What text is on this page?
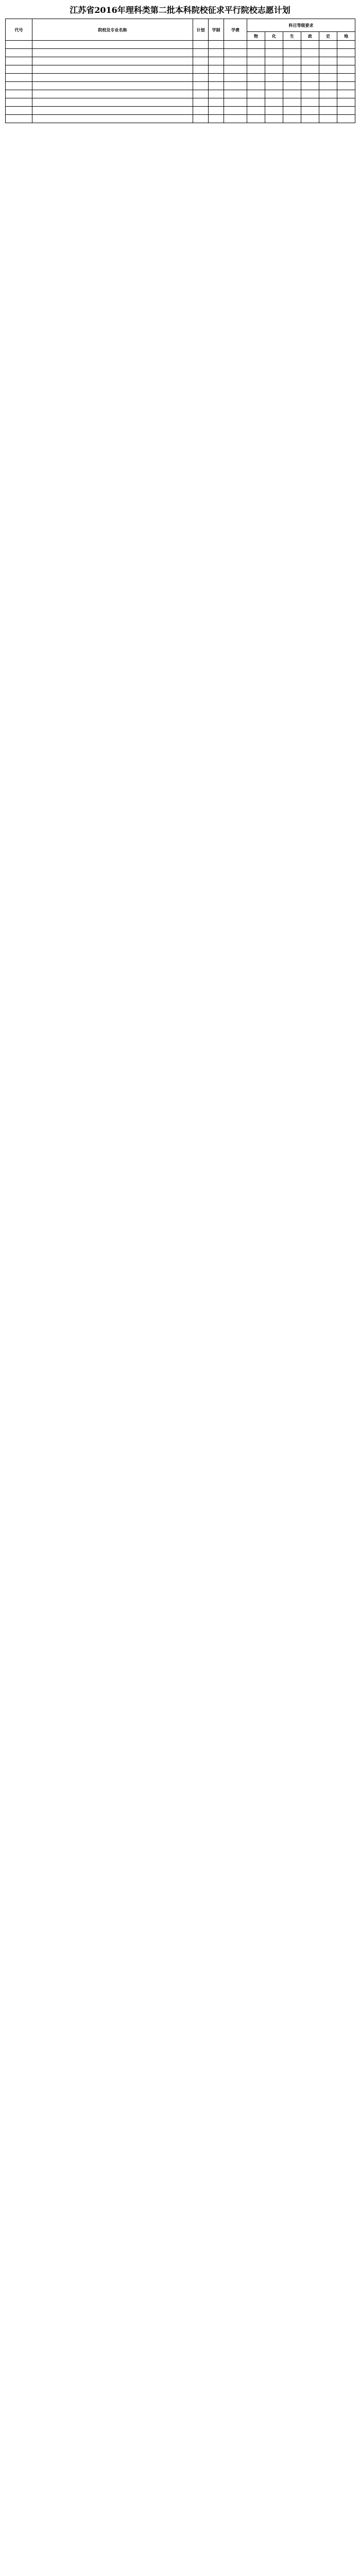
江苏省2016年理科类第二批本科院校征求平行院校志愿计划
代号	院校及专业名称	计划	学制	学费	科目等级要求					
					物	化	生	政	史	地
